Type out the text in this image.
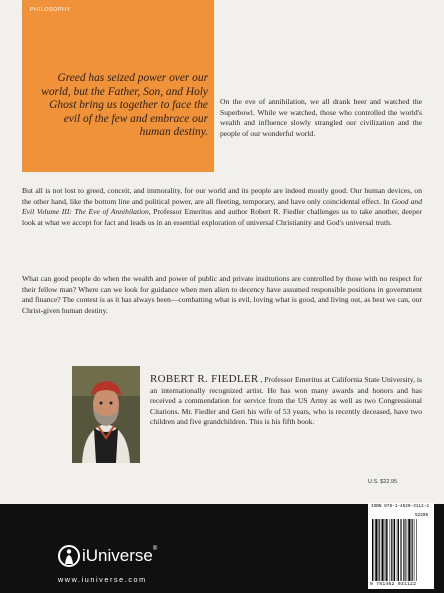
PHILOSOPHY

Greed has seized power over our world, but the Father, Son, and Holy Ghost bring us together to face the evil of the few and embrace our human destiny.

On the eve of annihilation, we all drank beer and watched the Superbowl. While we watched, those who controlled the world's wealth and influence slowly strangled our civilization and the people of our wonderful world.

But all is not lost to greed, conceit, and immorality, for our world and its people are indeed mostly good. Our human devices, on the other hand, like the bottom line and political power, are all fleeting, temporary, and have only coincidental effect. In Good and Evil Volume III: The Eve of Annihilation, Professor Emeritus and author Robert R. Fiedler challenges us to take another, deeper look at what we accept for fact and leads us in an essential exploration of universal Christianity and God's universal truth.

What can good people do when the wealth and power of public and private institutions are controlled by those with no respect for their fellow man? Where can we look for guidance when men alien to decency have assumed responsible positions in government and finance? The contest is as it has always been—combatting what is evil, loving what is good, and living out, as best we can, our Christ-given human destiny.

ROBERT R. FIEDLER , Professor Emeritus at California State University, is an internationally recognized artist. He has won many awards and honors and has received a commendation for service from the US Army as well as two Congressional Citations. Mr. Fiedler and Geri his wife of 53 years, who is recently deceased, have two children and five grandchildren. This is his fifth book.

U.S. $22.95
iUniverse®
www.iuniverse.com
ISBN 978-1-4620-3112-2
52295
9 781462 031122
